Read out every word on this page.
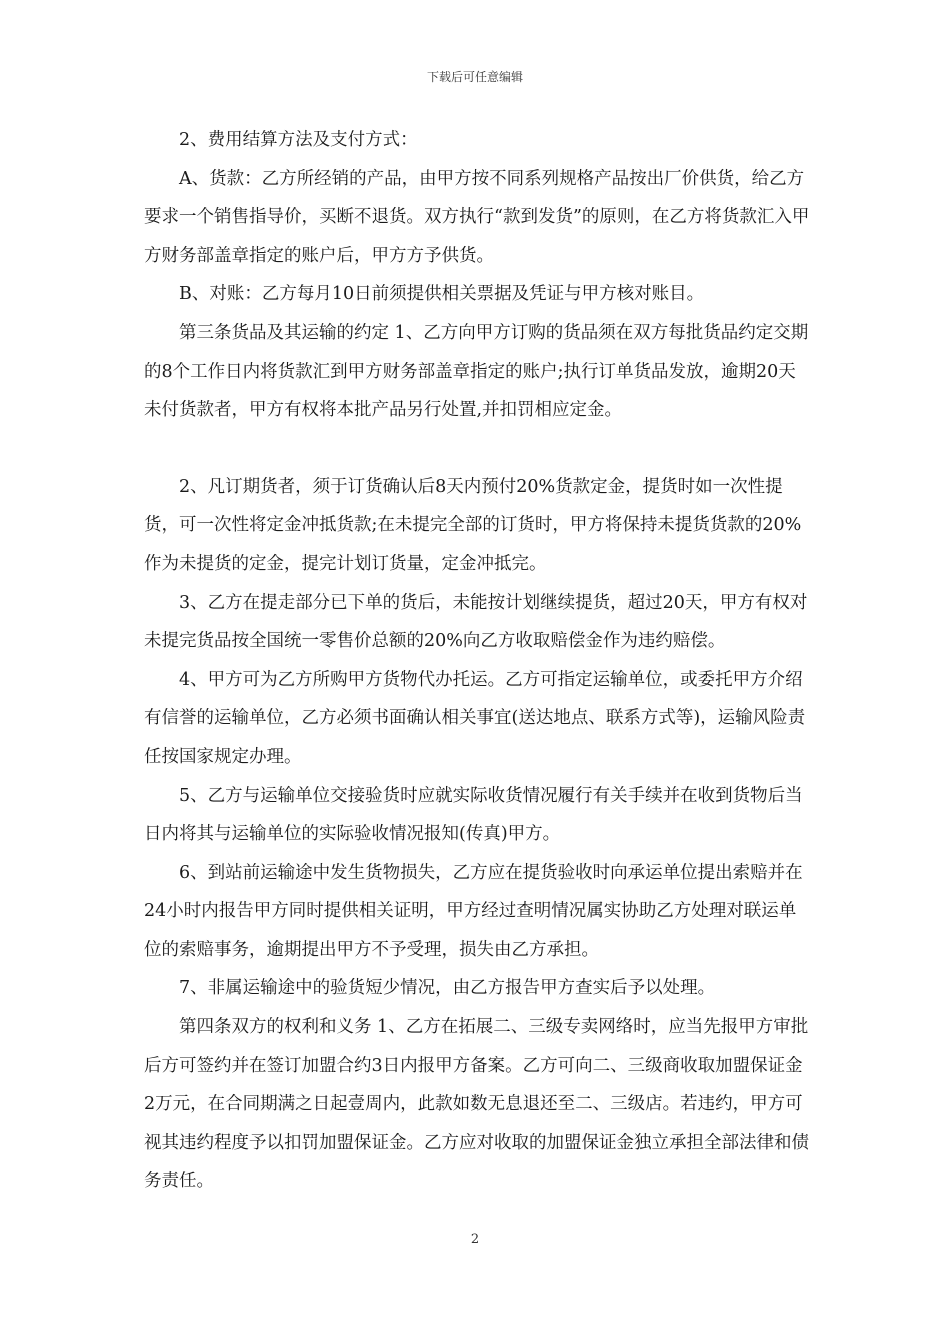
下载后可任意编辑

2、费用结算方法及支付方式：

A、货款：乙方所经销的产品，由甲方按不同系列规格产品按出厂价供货，给乙方要求一个销售指导价，买断不退货。双方执行“款到发货”的原则，在乙方将货款汇入甲方财务部盖章指定的账户后，甲方方予供货。

B、对账：乙方每月10日前须提供相关票据及凭证与甲方核对账目。

第三条货品及其运输的约定 1、乙方向甲方订购的货品须在双方每批货品约定交期的8个工作日内将货款汇到甲方财务部盖章指定的账户;执行订单货品发放，逾期20天未付货款者，甲方有权将本批产品另行处置,并扣罚相应定金。

2、凡订期货者，须于订货确认后8天内预付20%货款定金，提货时如一次性提货，可一次性将定金冲抵货款;在未提完全部的订货时，甲方将保持未提货货款的20%作为未提货的定金，提完计划订货量，定金冲抵完。

3、乙方在提走部分已下单的货后，未能按计划继续提货，超过20天，甲方有权对未提完货品按全国统一零售价总额的20%向乙方收取赔偿金作为违约赔偿。

4、甲方可为乙方所购甲方货物代办托运。乙方可指定运输单位，或委托甲方介绍有信誉的运输单位，乙方必须书面确认相关事宜(送达地点、联系方式等)，运输风险责任按国家规定办理。

5、乙方与运输单位交接验货时应就实际收货情况履行有关手续并在收到货物后当日内将其与运输单位的实际验收情况报知(传真)甲方。

6、到站前运输途中发生货物损失，乙方应在提货验收时向承运单位提出索赔并在24小时内报告甲方同时提供相关证明，甲方经过查明情况属实协助乙方处理对联运单位的索赔事务，逾期提出甲方不予受理，损失由乙方承担。

7、非属运输途中的验货短少情况，由乙方报告甲方查实后予以处理。

第四条双方的权利和义务 1、乙方在拓展二、三级专卖网络时，应当先报甲方审批后方可签约并在签订加盟合约3日内报甲方备案。乙方可向二、三级商收取加盟保证金2万元，在合同期满之日起壹周内，此款如数无息退还至二、三级店。若违约，甲方可视其违约程度予以扣罚加盟保证金。乙方应对收取的加盟保证金独立承担全部法律和债务责任。

2
